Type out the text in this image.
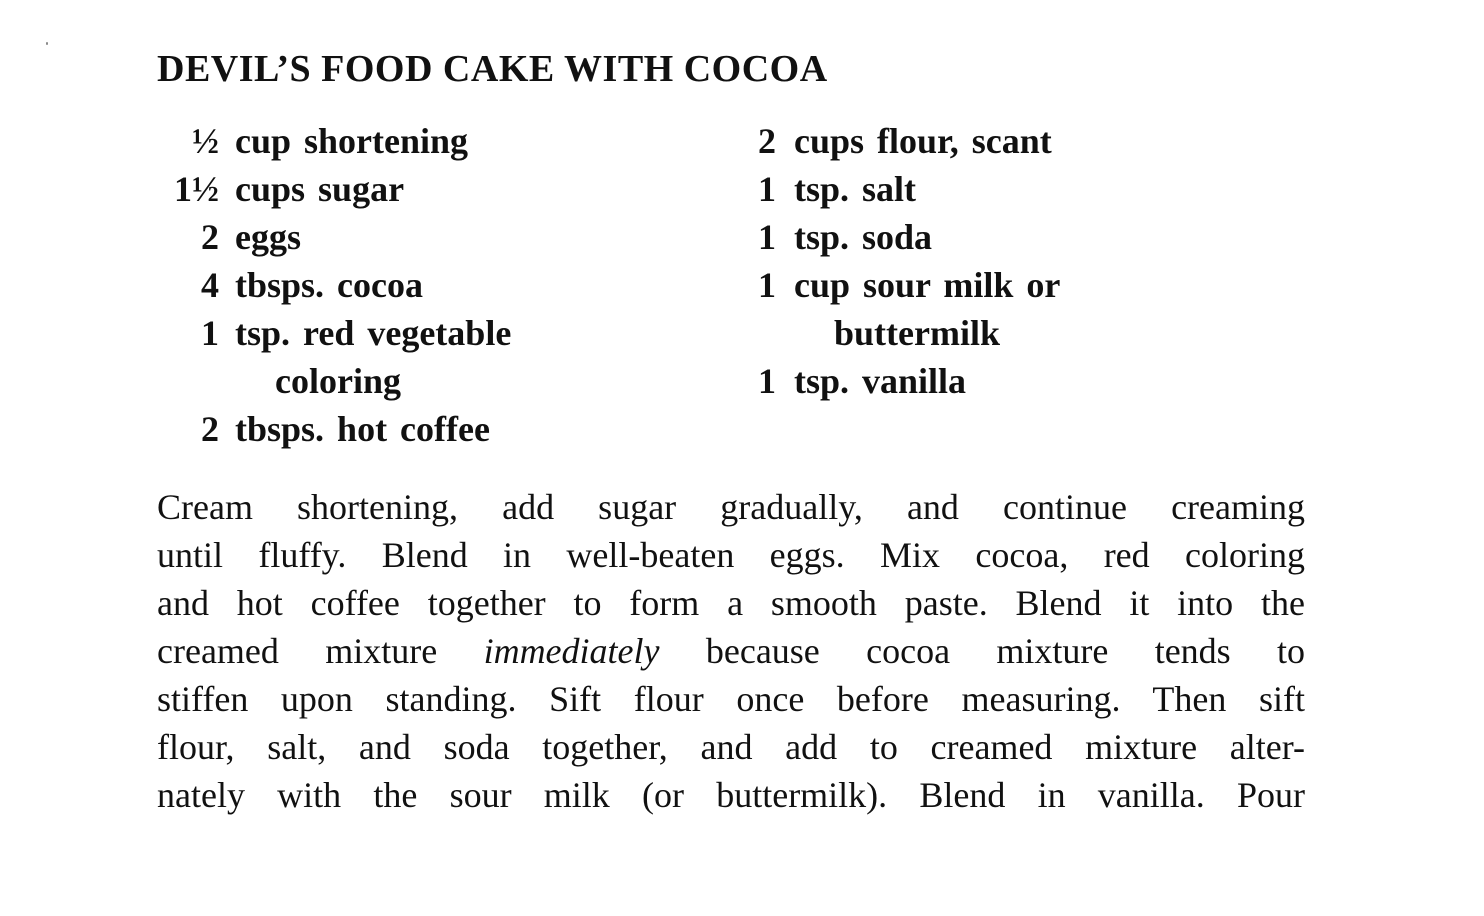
DEVIL’S FOOD CAKE WITH COCOA
½ cup shortening
1½ cups sugar
2 eggs
4 tbsps. cocoa
1 tsp. red vegetable
coloring
2 tbsps. hot coffee
2 cups flour, scant
1 tsp. salt
1 tsp. soda
1 cup sour milk or
buttermilk
1 tsp. vanilla
Cream shortening, add sugar gradually, and continue creaming
until fluffy. Blend in well-beaten eggs. Mix cocoa, red coloring
and hot coffee together to form a smooth paste. Blend it into the
creamed mixture immediately because cocoa mixture tends to
stiffen upon standing. Sift flour once before measuring. Then sift
flour, salt, and soda together, and add to creamed mixture alter-
nately with the sour milk (or buttermilk). Blend in vanilla. Pour
